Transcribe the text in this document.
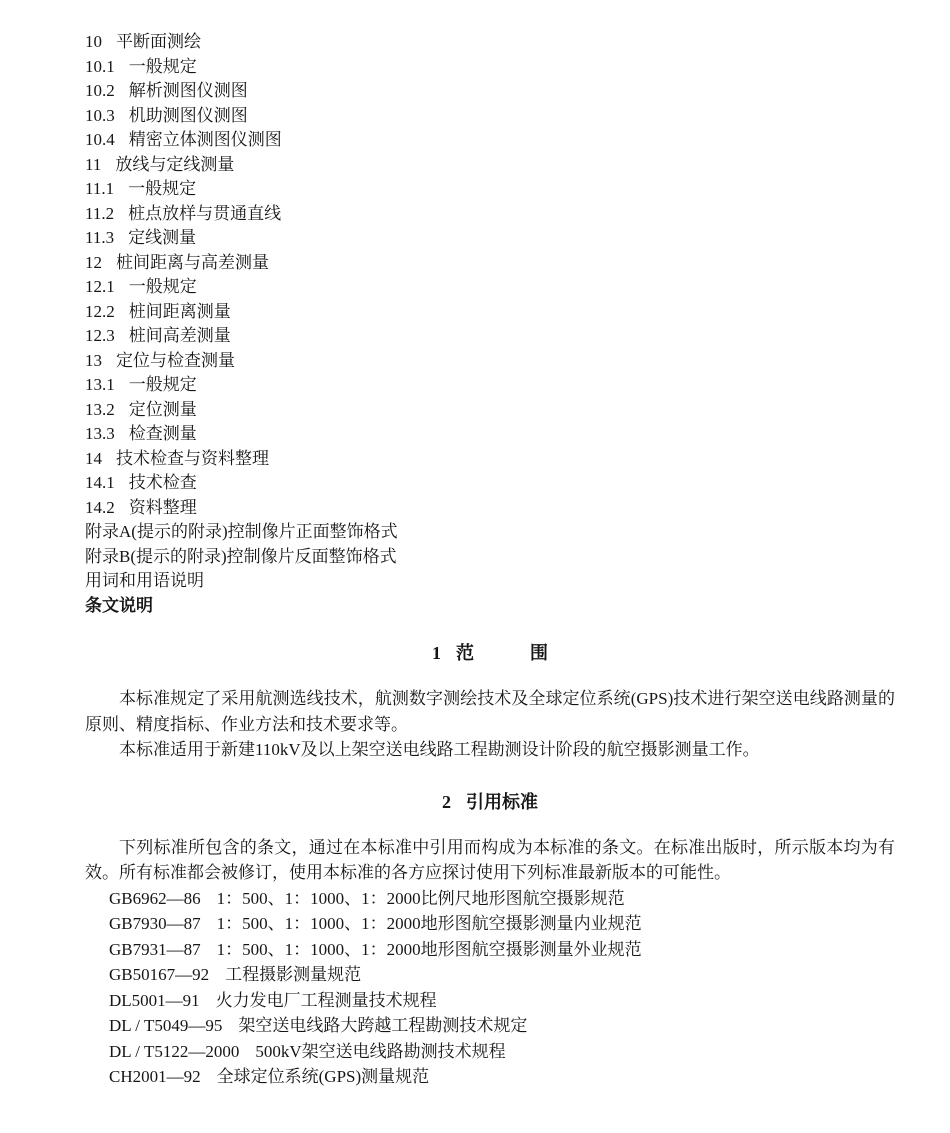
10 平断面测绘
10.1 一般规定
10.2 解析测图仪测图
10.3 机助测图仪测图
10.4 精密立体测图仪测图
11 放线与定线测量
11.1 一般规定
11.2 桩点放样与贯通直线
11.3 定线测量
12 桩间距离与高差测量
12.1 一般规定
12.2 桩间距离测量
12.3 桩间高差测量
13 定位与检查测量
13.1 一般规定
13.2 定位测量
13.3 检查测量
14 技术检查与资料整理
14.1 技术检查
14.2 资料整理
附录A(提示的附录)控制像片正面整饰格式
附录B(提示的附录)控制像片反面整饰格式
用词和用语说明
条文说明
1 范	围

本标准规定了采用航测选线技术，航测数字测绘技术及全球定位系统(GPS)技术进行架空送电线路测量的原则、精度指标、作业方法和技术要求等。

本标准适用于新建110kV及以上架空送电线路工程勘测设计阶段的航空摄影测量工作。

2 引用标准

下列标准所包含的条文，通过在本标准中引用而构成为本标准的条文。在标准出版时，所示版本均为有效。所有标准都会被修订，使用本标准的各方应探讨使用下列标准最新版本的可能性。

GB6962—86 1：500、1：1000、1：2000比例尺地形图航空摄影规范
GB7930—87 1：500、1：1000、1：2000地形图航空摄影测量内业规范
GB7931—87 1：500、1：1000、1：2000地形图航空摄影测量外业规范
GB50167—92 工程摄影测量规范
DL5001—91 火力发电厂工程测量技术规程
DL / T5049—95 架空送电线路大跨越工程勘测技术规定
DL / T5122—2000 500kV架空送电线路勘测技术规程
CH2001—92 全球定位系统(GPS)测量规范
